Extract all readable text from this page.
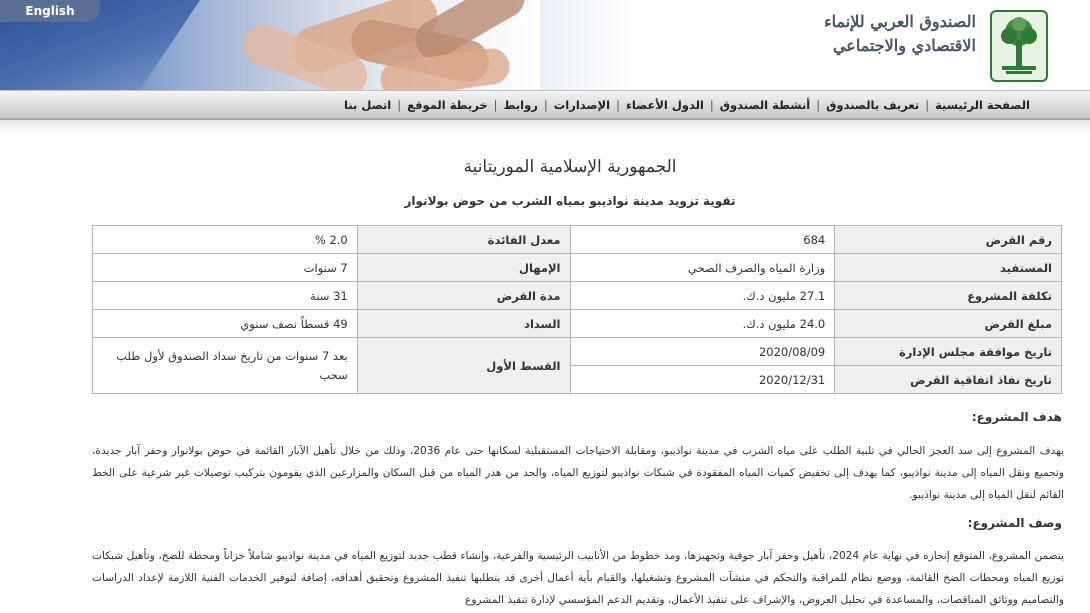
English
الصندوق العربي للإنماء
الاقتصادي والاجتماعي
الصفحة الرئيسية
|
تعريف بالصندوق
|
أنشطة الصندوق
|
الدول الأعضاء
|
الإصدارات
|
روابط
|
خريطة الموقع
|
اتصل بنا
الجمهورية الإسلامية الموريتانية
تقوية تزويد مدينة نواذيبو بمياه الشرب من حوض بولانوار
رقم القرض	684	معدل الفائدة	2.0 %
المستفيد	وزارة المياه والصرف الصحي	الإمهال	7 سنوات
تكلفة المشروع	27.1 مليون د.ك.	مدة القرض	31 سنة
مبلغ القرض	24.0 مليون د.ك.	السداد	49 قسطاً نصف سنوي
تاريخ موافقة مجلس الإدارة	2020/08/09	القسط الأول	بعد 7 سنوات من تاريخ سداد الصندوق لأول طلب سحب
تاريخ نفاذ اتفاقية القرض	2020/12/31		
هدف المشروع:
يهدف المشروع إلى سد العجز الحالي في تلبية الطلب على مياه الشرب في مدينة نواذيبو، ومقابلة الاحتياجات المستقبلية لسكانها حتى عام 2036، وذلك من خلال تأهيل الآبار القائمة في حوض بولانوار وحفر آبار جديدة، وتجميع ونقل المياه إلى مدينة نواذيبو، كما يهدف إلى تخفيض كميات المياه المفقودة في شبكات نواذيبو لتوزيع المياه، والحد من هدر المياه من قبل السكان والمزارعين الذي يقومون بتركيب توصيلات غير شرعية على الخط القائم لنقل المياه إلى مدينة نواذيبو.
وصف المشروع:
يتضمن المشروع، المتوقع إنجازه في نهاية عام 2024، تأهيل وحفر آبار جوفية وتجهيزها، ومد خطوط من الأنابيب الرئيسية والفرعية، وإنشاء قطب جديد لتوزيع المياه في مدينة نواذيبو شاملاً خزاناً ومحطة للضخ، وتأهيل شبكات توزيع المياه ومحطات الضخ القائمة، ووضع نظام للمراقبة والتحكم في منشآت المشروع وتشغيلها، والقيام بأية أعمال أخرى قد يتطلبها تنفيذ المشروع وتحقيق أهدافه، إضافة لتوفير الخدمات الفنية اللازمة لإعداد الدراسات والتصاميم ووثائق المناقصات، والمساعدة في تحليل العروض، والإشراف على تنفيذ الأعمال، وتقديم الدعم المؤسسي لإدارة تنفيذ المشروع
